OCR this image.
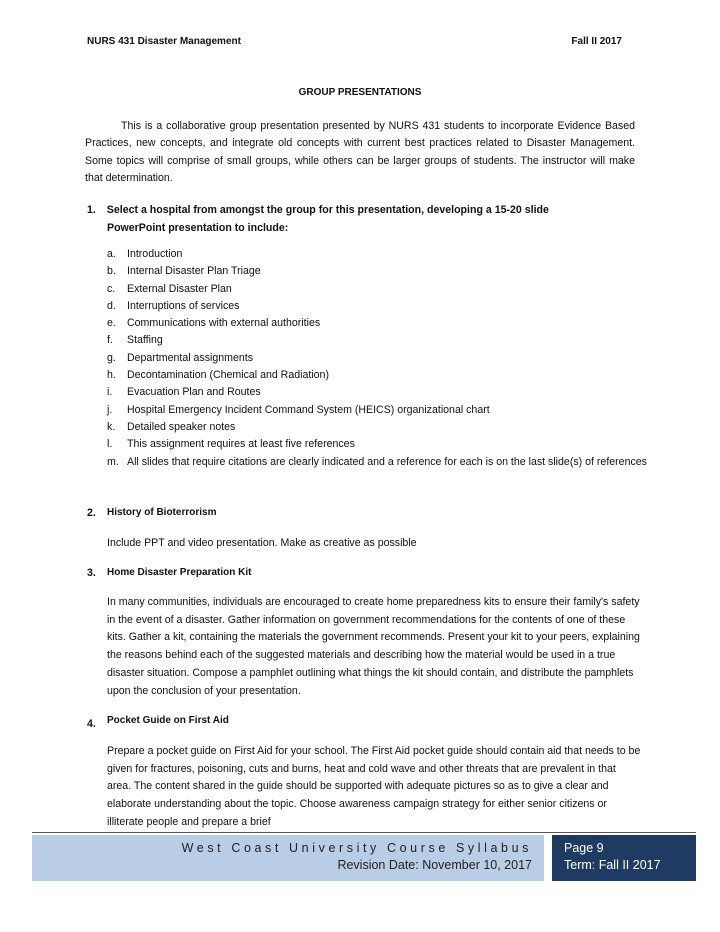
NURS 431 Disaster Management	Fall II 2017
GROUP PRESENTATIONS
This is a collaborative group presentation presented by NURS 431 students to incorporate Evidence Based Practices, new concepts, and integrate old concepts with current best practices related to Disaster Management. Some topics will comprise of small groups, while others can be larger groups of students. The instructor will make that determination.
1. Select a hospital from amongst the group for this presentation, developing a 15-20 slide
PowerPoint presentation to include:
a.	Introduction
b.	Internal Disaster Plan Triage
c.	External Disaster Plan
d.	Interruptions of services
e.	Communications with external authorities
f.	Staffing
g.	Departmental assignments
h.	Decontamination (Chemical and Radiation)
i.	Evacuation Plan and Routes
j.	Hospital Emergency Incident Command System (HEICS) organizational chart
k.	Detailed speaker notes
l.	This assignment requires at least five references
m. All slides that require citations are clearly indicated and a reference for each is on the last slide(s) of references
2. History of Bioterrorism
Include PPT and video presentation. Make as creative as possible
3. Home Disaster Preparation Kit
In many communities, individuals are encouraged to create home preparedness kits to ensure their family's safety in the event of a disaster. Gather information on government recommendations for the contents of one of these kits. Gather a kit, containing the materials the government recommends. Present your kit to your peers, explaining the reasons behind each of the suggested materials and describing how the material would be used in a true disaster situation. Compose a pamphlet outlining what things the kit should contain, and distribute the pamphlets upon the conclusion of your presentation.
4. Pocket Guide on First Aid
Prepare a pocket guide on First Aid for your school. The First Aid pocket guide should contain aid that needs to be given for fractures, poisoning, cuts and burns, heat and cold wave and other threats that are prevalent in that area. The content shared in the guide should be supported with adequate pictures so as to give a clear and elaborate understanding about the topic. Choose awareness campaign strategy for either senior citizens or illiterate people and prepare a brief
West Coast University Course Syllabus
Revision Date: November 10, 2017
Page 9
Term: Fall II 2017
